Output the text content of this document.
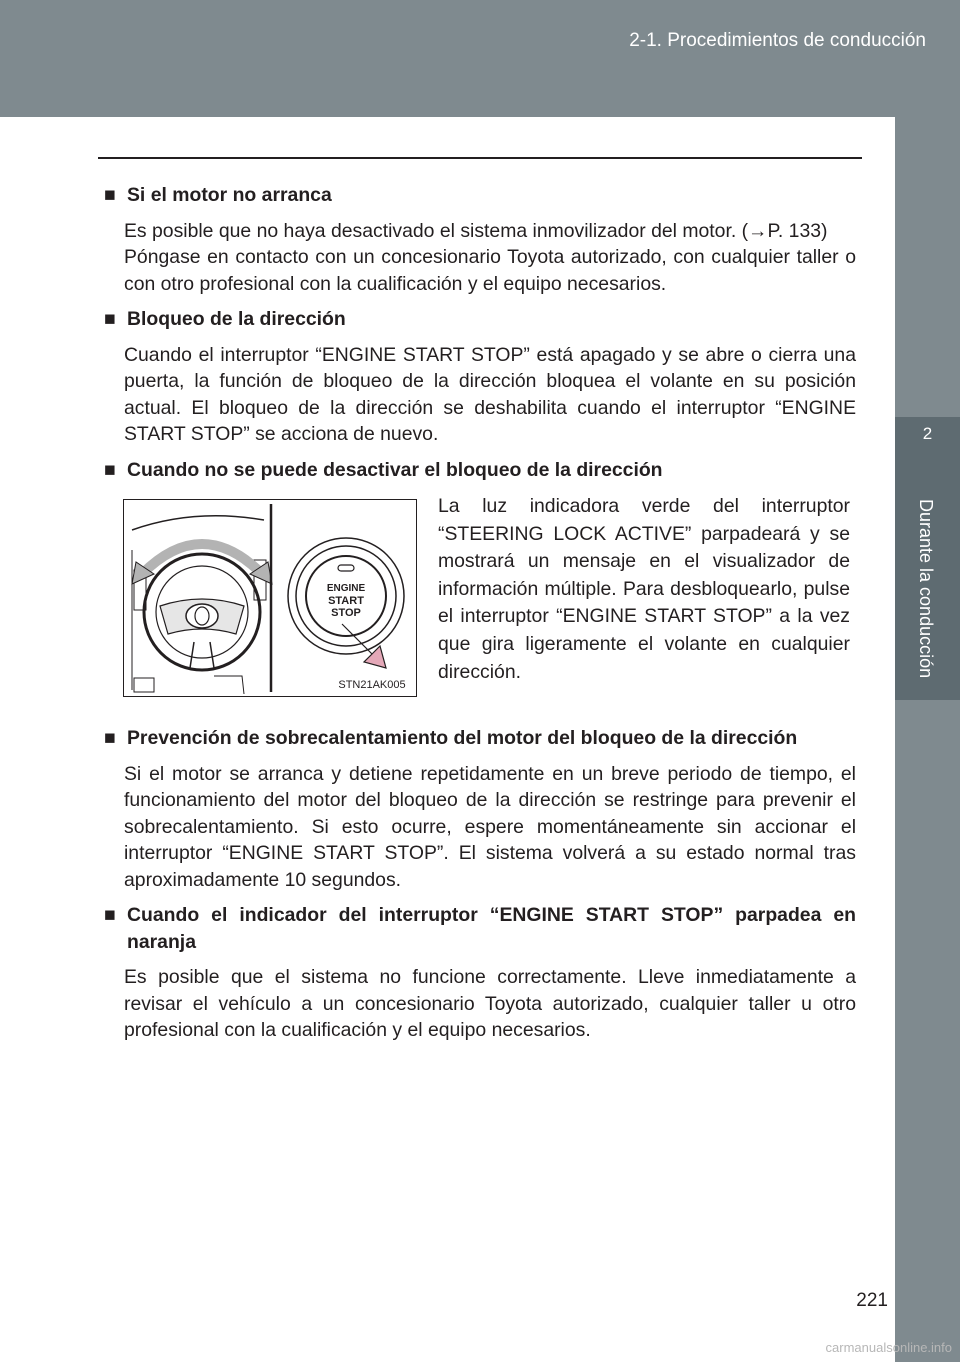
2-1. Procedimientos de conducción
2
Durante la conducción

■ Si el motor no arranca

Es posible que no haya desactivado el sistema inmovilizador del motor. (→P. 133)
Póngase en contacto con un concesionario Toyota autorizado, con cualquier taller o con otro profesional con la cualificación y el equipo necesarios.

■ Bloqueo de la dirección

Cuando el interruptor “ENGINE START STOP” está apagado y se abre o cierra una puerta, la función de bloqueo de la dirección bloquea el volante en su posición actual. El bloqueo de la dirección se deshabilita cuando el interruptor “ENGINE START STOP” se acciona de nuevo.

■ Cuando no se puede desactivar el bloqueo de la dirección

ENGINE
START
STOP
STN21AK005
La luz indicadora verde del interruptor “STEERING LOCK ACTIVE” parpadeará y se mostrará un mensaje en el visualizador de información múltiple. Para desbloquearlo, pulse el interruptor “ENGINE START STOP” a la vez que gira ligeramente el volante en cualquier dirección.

■ Prevención de sobrecalentamiento del motor del bloqueo de la dirección

Si el motor se arranca y detiene repetidamente en un breve periodo de tiempo, el funcionamiento del motor del bloqueo de la dirección se restringe para prevenir el sobrecalentamiento. Si esto ocurre, espere momentáneamente sin accionar el interruptor “ENGINE START STOP”. El sistema volverá a su estado normal tras aproximadamente 10 segundos.

■ Cuando el indicador del interruptor “ENGINE START STOP” parpadea en naranja

Es posible que el sistema no funcione correctamente. Lleve inmediatamente a revisar el vehículo a un concesionario Toyota autorizado, cualquier taller u otro profesional con la cualificación y el equipo necesarios.
221
carmanualsonline.info
